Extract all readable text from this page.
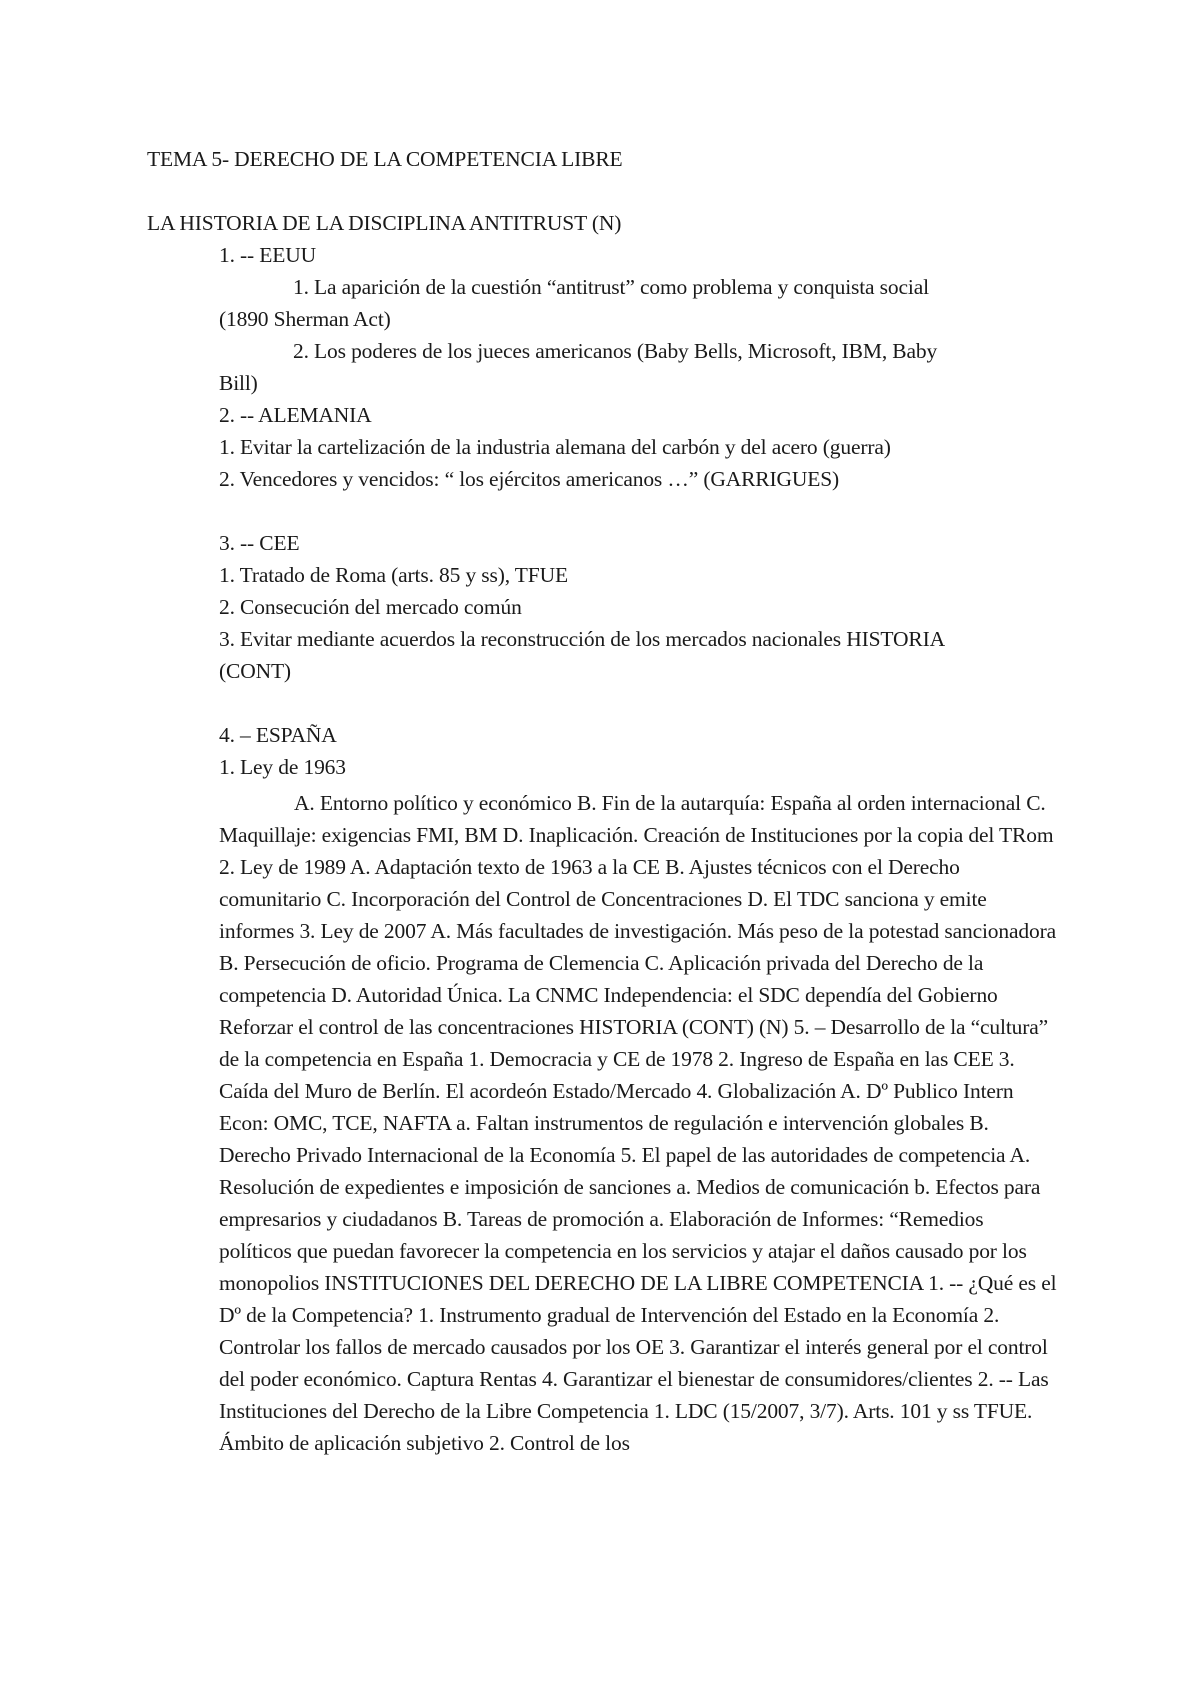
TEMA 5- DERECHO DE LA COMPETENCIA LIBRE
LA HISTORIA DE LA DISCIPLINA ANTITRUST (N)
1. -- EEUU
1. La aparición de la cuestión “antitrust” como problema y conquista social
(1890 Sherman Act)
2. Los poderes de los jueces americanos (Baby Bells, Microsoft, IBM, Baby
Bill)
2. -- ALEMANIA
1. Evitar la cartelización de la industria alemana del carbón y del acero (guerra)
2. Vencedores y vencidos: “ los ejércitos americanos …” (GARRIGUES)
3. -- CEE
1. Tratado de Roma (arts. 85 y ss), TFUE
2. Consecución del mercado común
3. Evitar mediante acuerdos la reconstrucción de los mercados nacionales HISTORIA
(CONT)
4. – ESPAÑA
1. Ley de 1963
A. Entorno político y económico B. Fin de la autarquía: España al orden internacional C. Maquillaje: exigencias FMI, BM D. Inaplicación. Creación de Instituciones por la copia del TRom 2. Ley de 1989 A. Adaptación texto de 1963 a la CE B. Ajustes técnicos con el Derecho comunitario C. Incorporación del Control de Concentraciones D. El TDC sanciona y emite informes 3. Ley de 2007 A. Más facultades de investigación. Más peso de la potestad sancionadora B. Persecución de oficio. Programa de Clemencia C. Aplicación privada del Derecho de la competencia D. Autoridad Única. La CNMC Independencia: el SDC dependía del Gobierno Reforzar el control de las concentraciones HISTORIA (CONT) (N) 5. – Desarrollo de la “cultura” de la competencia en España 1. Democracia y CE de 1978 2. Ingreso de España en las CEE 3. Caída del Muro de Berlín. El acordeón Estado/Mercado 4. Globalización A. Dº Publico Intern Econ: OMC, TCE, NAFTA a. Faltan instrumentos de regulación e intervención globales B. Derecho Privado Internacional de la Economía 5. El papel de las autoridades de competencia A. Resolución de expedientes e imposición de sanciones a. Medios de comunicación b. Efectos para empresarios y ciudadanos B. Tareas de promoción a. Elaboración de Informes: “Remedios políticos que puedan favorecer la competencia en los servicios y atajar el daños causado por los monopolios INSTITUCIONES DEL DERECHO DE LA LIBRE COMPETENCIA 1. -- ¿Qué es el Dº de la Competencia? 1. Instrumento gradual de Intervención del Estado en la Economía 2. Controlar los fallos de mercado causados por los OE 3. Garantizar el interés general por el control del poder económico. Captura Rentas 4. Garantizar el bienestar de consumidores/clientes 2. -- Las Instituciones del Derecho de la Libre Competencia 1. LDC (15/2007, 3/7). Arts. 101 y ss TFUE. Ámbito de aplicación subjetivo 2. Control de los
